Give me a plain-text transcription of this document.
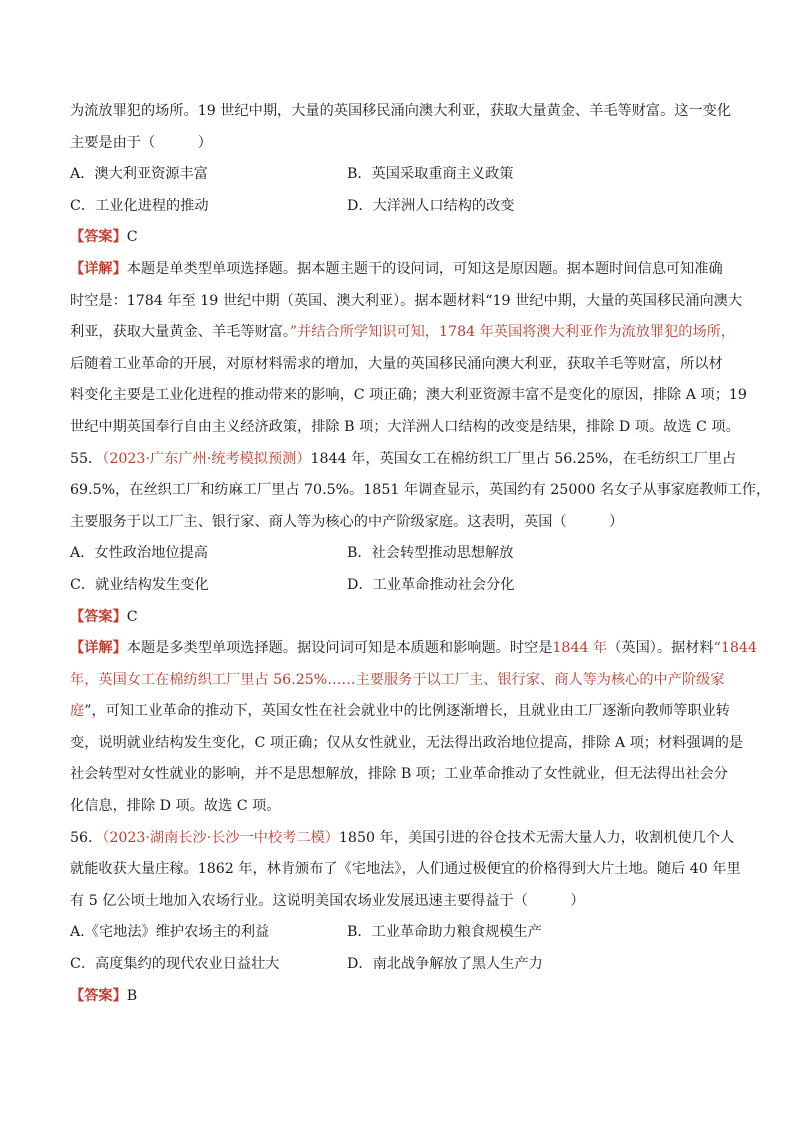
为流放罪犯的场所。19 世纪中期，大量的英国移民涌向澳大利亚，获取大量黄金、羊毛等财富。这一变化
主要是由于（　　　）
A．澳大利亚资源丰富	B．英国采取重商主义政策
C．工业化进程的推动	D．大洋洲人口结构的改变
【答案】C
【详解】本题是单类型单项选择题。据本题主题干的设问词，可知这是原因题。据本题时间信息可知准确
时空是：1784 年至 19 世纪中期（英国、澳大利亚）。据本题材料“19 世纪中期，大量的英国移民涌向澳大
利亚，获取大量黄金、羊毛等财富。”并结合所学知识可知，1784 年英国将澳大利亚作为流放罪犯的场所，
后随着工业革命的开展，对原材料需求的增加，大量的英国移民涌向澳大利亚，获取羊毛等财富，所以材
料变化主要是工业化进程的推动带来的影响，C 项正确；澳大利亚资源丰富不是变化的原因，排除 A 项；19
世纪中期英国奉行自由主义经济政策，排除 B 项；大洋洲人口结构的改变是结果，排除 D 项。故选 C 项。
55．（2023·广东广州·统考模拟预测）1844 年，英国女工在棉纺织工厂里占 56.25%，在毛纺织工厂里占
69.5%，在丝织工厂和纺麻工厂里占 70.5%。1851 年调查显示，英国约有 25000 名女子从事家庭教师工作，
主要服务于以工厂主、银行家、商人等为核心的中产阶级家庭。这表明，英国（　　　）
A．女性政治地位提高	B．社会转型推动思想解放
C．就业结构发生变化	D．工业革命推动社会分化
【答案】C
【详解】本题是多类型单项选择题。据设问词可知是本质题和影响题。时空是1844 年（英国）。据材料“1844
年，英国女工在棉纺织工厂里占 56.25%……主要服务于以工厂主、银行家、商人等为核心的中产阶级家
庭”，可知工业革命的推动下，英国女性在社会就业中的比例逐渐增长，且就业由工厂逐渐向教师等职业转
变，说明就业结构发生变化，C 项正确；仅从女性就业，无法得出政治地位提高，排除 A 项；材料强调的是
社会转型对女性就业的影响，并不是思想解放，排除 B 项；工业革命推动了女性就业，但无法得出社会分
化信息，排除 D 项。故选 C 项。
56．（2023·湖南长沙·长沙一中校考二模）1850 年，美国引进的谷仓技术无需大量人力，收割机使几个人
就能收获大量庄稼。1862 年，林肯颁布了《宅地法》，人们通过极便宜的价格得到大片土地。随后 40 年里
有 5 亿公顷土地加入农场行业。这说明美国农场业发展迅速主要得益于（　　　）
A.《宅地法》维护农场主的利益	B．工业革命助力粮食规模生产
C．高度集约的现代农业日益壮大	D．南北战争解放了黑人生产力
【答案】B
